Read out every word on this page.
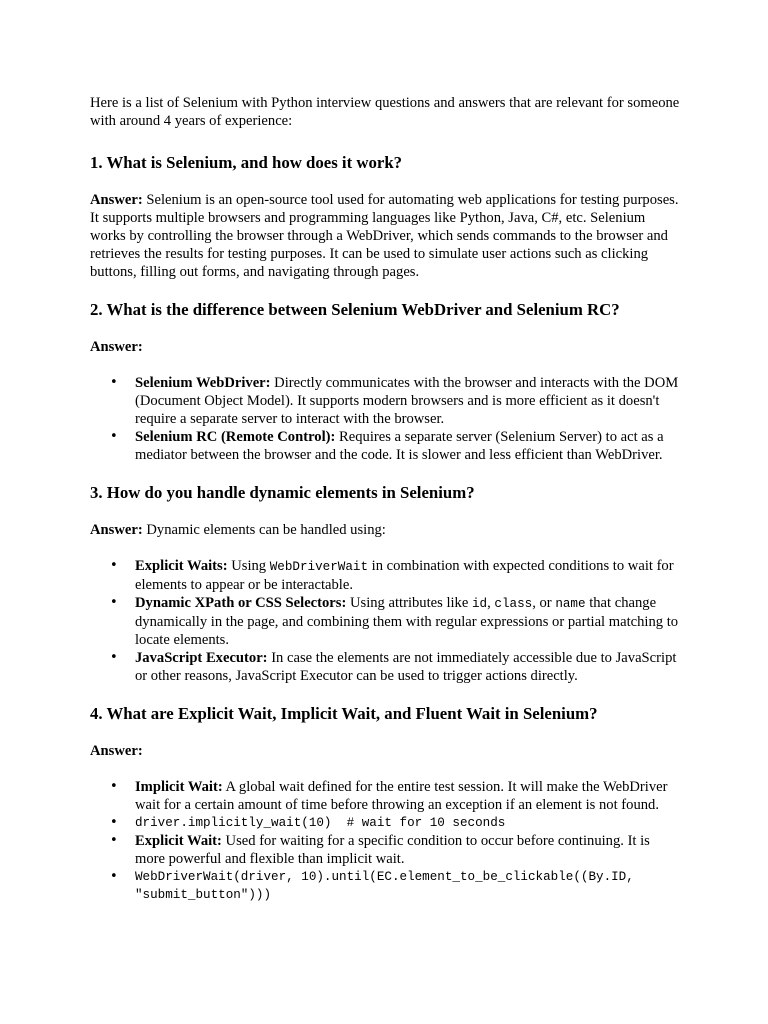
Here is a list of Selenium with Python interview questions and answers that are relevant for someone with around 4 years of experience:

1. What is Selenium, and how does it work?

Answer: Selenium is an open-source tool used for automating web applications for testing purposes. It supports multiple browsers and programming languages like Python, Java, C#, etc. Selenium works by controlling the browser through a WebDriver, which sends commands to the browser and retrieves the results for testing purposes. It can be used to simulate user actions such as clicking buttons, filling out forms, and navigating through pages.

2. What is the difference between Selenium WebDriver and Selenium RC?

Answer:

• Selenium WebDriver: Directly communicates with the browser and interacts with the DOM (Document Object Model). It supports modern browsers and is more efficient as it doesn't require a separate server to interact with the browser.
• Selenium RC (Remote Control): Requires a separate server (Selenium Server) to act as a mediator between the browser and the code. It is slower and less efficient than WebDriver.
3. How do you handle dynamic elements in Selenium?

Answer: Dynamic elements can be handled using:

• Explicit Waits: Using WebDriverWait in combination with expected conditions to wait for elements to appear or be interactable.
• Dynamic XPath or CSS Selectors: Using attributes like id, class, or name that change dynamically in the page, and combining them with regular expressions or partial matching to locate elements.
• JavaScript Executor: In case the elements are not immediately accessible due to JavaScript or other reasons, JavaScript Executor can be used to trigger actions directly.
4. What are Explicit Wait, Implicit Wait, and Fluent Wait in Selenium?

Answer:

• Implicit Wait: A global wait defined for the entire test session. It will make the WebDriver wait for a certain amount of time before throwing an exception if an element is not found.
• driver.implicitly_wait(10)  # wait for 10 seconds
• Explicit Wait: Used for waiting for a specific condition to occur before continuing. It is more powerful and flexible than implicit wait.
• WebDriverWait(driver, 10).until(EC.element_to_be_clickable((By.ID, "submit_button")))
